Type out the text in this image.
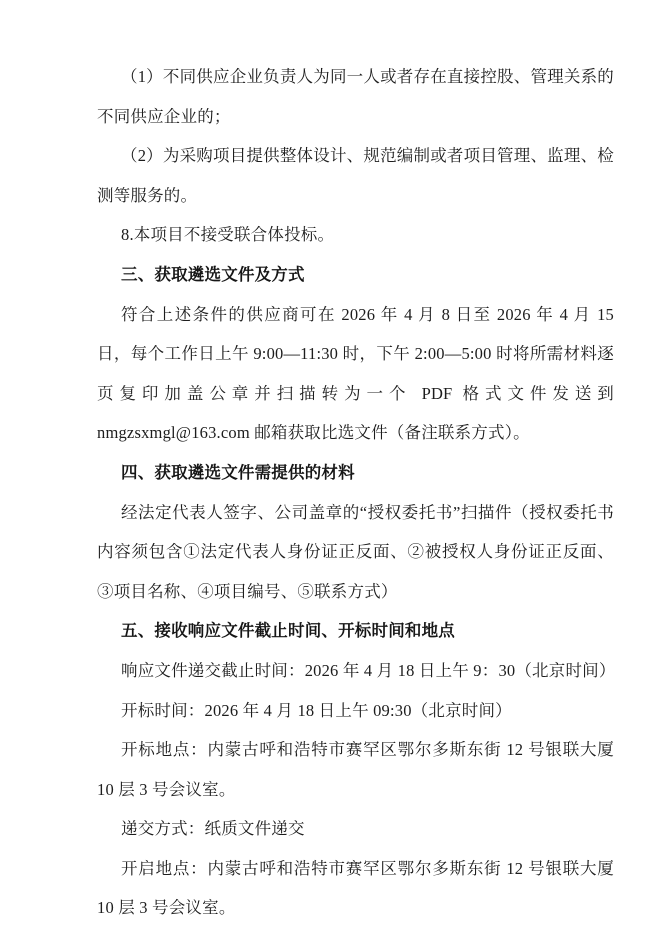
（1）不同供应企业负责人为同一人或者存在直接控股、管理关系的不同供应企业的；

（2）为采购项目提供整体设计、规范编制或者项目管理、监理、检测等服务的。

8.本项目不接受联合体投标。

三、获取遴选文件及方式

符合上述条件的供应商可在 2026 年 4 月 8 日至 2026 年 4 月 15 日，每个工作日上午 9:00—11:30 时，下午 2:00—5:00 时将所需材料逐页复印加盖公章并扫描转为一个 PDF 格式文件发送到 nmgzsxmgl@163.com 邮箱获取比选文件（备注联系方式）。

四、获取遴选文件需提供的材料

经法定代表人签字、公司盖章的“授权委托书”扫描件（授权委托书内容须包含①法定代表人身份证正反面、②被授权人身份证正反面、③项目名称、④项目编号、⑤联系方式）

五、接收响应文件截止时间、开标时间和地点

响应文件递交截止时间：2026 年 4 月 18 日上午 9：30（北京时间）

开标时间：2026 年 4 月 18 日上午 09:30（北京时间）

开标地点：内蒙古呼和浩特市赛罕区鄂尔多斯东街 12 号银联大厦 10 层 3 号会议室。

递交方式：纸质文件递交

开启地点：内蒙古呼和浩特市赛罕区鄂尔多斯东街 12 号银联大厦 10 层 3 号会议室。
